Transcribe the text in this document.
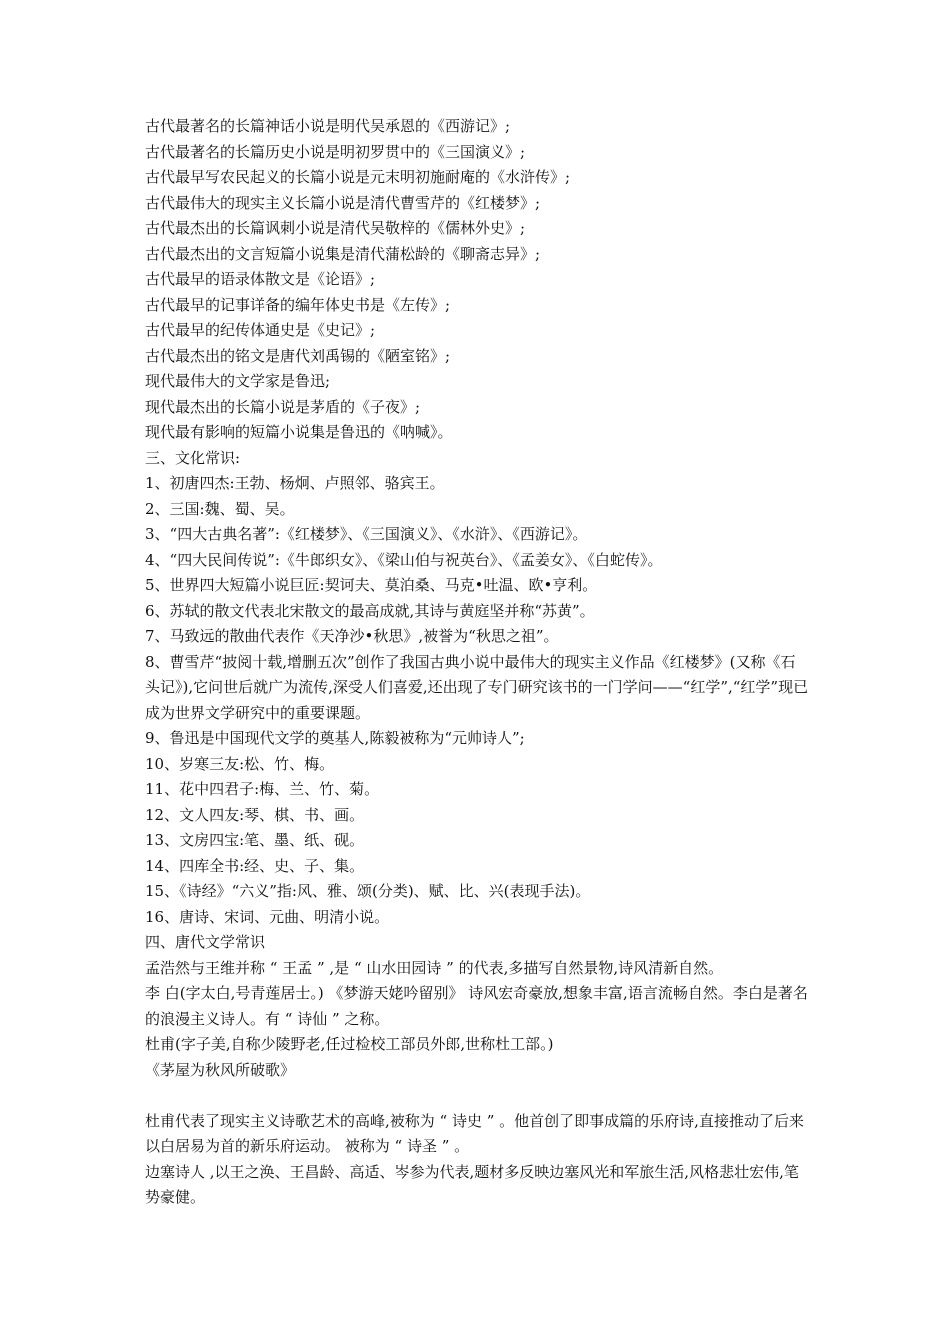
古代最著名的长篇神话小说是明代吴承恩的《西游记》;
古代最著名的长篇历史小说是明初罗贯中的《三国演义》;
古代最早写农民起义的长篇小说是元末明初施耐庵的《水浒传》;
古代最伟大的现实主义长篇小说是清代曹雪芹的《红楼梦》;
古代最杰出的长篇讽刺小说是清代吴敬梓的《儒林外史》;
古代最杰出的文言短篇小说集是清代蒲松龄的《聊斋志异》;
古代最早的语录体散文是《论语》;
古代最早的记事详备的编年体史书是《左传》;
古代最早的纪传体通史是《史记》;
古代最杰出的铭文是唐代刘禹锡的《陋室铭》;
现代最伟大的文学家是鲁迅;
现代最杰出的长篇小说是茅盾的《子夜》;
现代最有影响的短篇小说集是鲁迅的《呐喊》。
三、文化常识:
1、初唐四杰:王勃、杨炯、卢照邻、骆宾王。
2、三国:魏、蜀、吴。
3、“四大古典名著”:《红楼梦》、《三国演义》、《水浒》、《西游记》。
4、“四大民间传说”:《牛郎织女》、《梁山伯与祝英台》、《孟姜女》、《白蛇传》。
5、世界四大短篇小说巨匠:契诃夫、莫泊桑、马克•吐温、欧•亨利。
6、苏轼的散文代表北宋散文的最高成就,其诗与黄庭坚并称“苏黄”。
7、马致远的散曲代表作《天净沙•秋思》,被誉为“秋思之祖”。
8、曹雪芹“披阅十载,增删五次”创作了我国古典小说中最伟大的现实主义作品《红楼梦》(又称《石头记》),它问世后就广为流传,深受人们喜爱,还出现了专门研究该书的一门学问——“红学”,“红学”现已成为世界文学研究中的重要课题。
9、鲁迅是中国现代文学的奠基人,陈毅被称为“元帅诗人”;
10、岁寒三友:松、竹、梅。
11、花中四君子:梅、兰、竹、菊。
12、文人四友:琴、棋、书、画。
13、文房四宝:笔、墨、纸、砚。
14、四库全书:经、史、子、集。
15、《诗经》“六义”指:风、雅、颂(分类)、赋、比、兴(表现手法)。
16、唐诗、宋词、元曲、明清小说。
四、唐代文学常识
孟浩然与王维并称 “ 王孟 ” ,是 “ 山水田园诗 ” 的代表,多描写自然景物,诗风清新自然。
李 白(字太白,号青莲居士。) 《梦游天姥吟留别》 诗风宏奇豪放,想象丰富,语言流畅自然。李白是著名的浪漫主义诗人。有 “ 诗仙 ” 之称。
杜甫(字子美,自称少陵野老,任过检校工部员外郎,世称杜工部。)
《茅屋为秋风所破歌》
杜甫代表了现实主义诗歌艺术的高峰,被称为 “ 诗史 ” 。他首创了即事成篇的乐府诗,直接推动了后来以白居易为首的新乐府运动。 被称为 “ 诗圣 ” 。
边塞诗人 ,以王之涣、王昌龄、高适、岑参为代表,题材多反映边塞风光和军旅生活,风格悲壮宏伟,笔势豪健。
